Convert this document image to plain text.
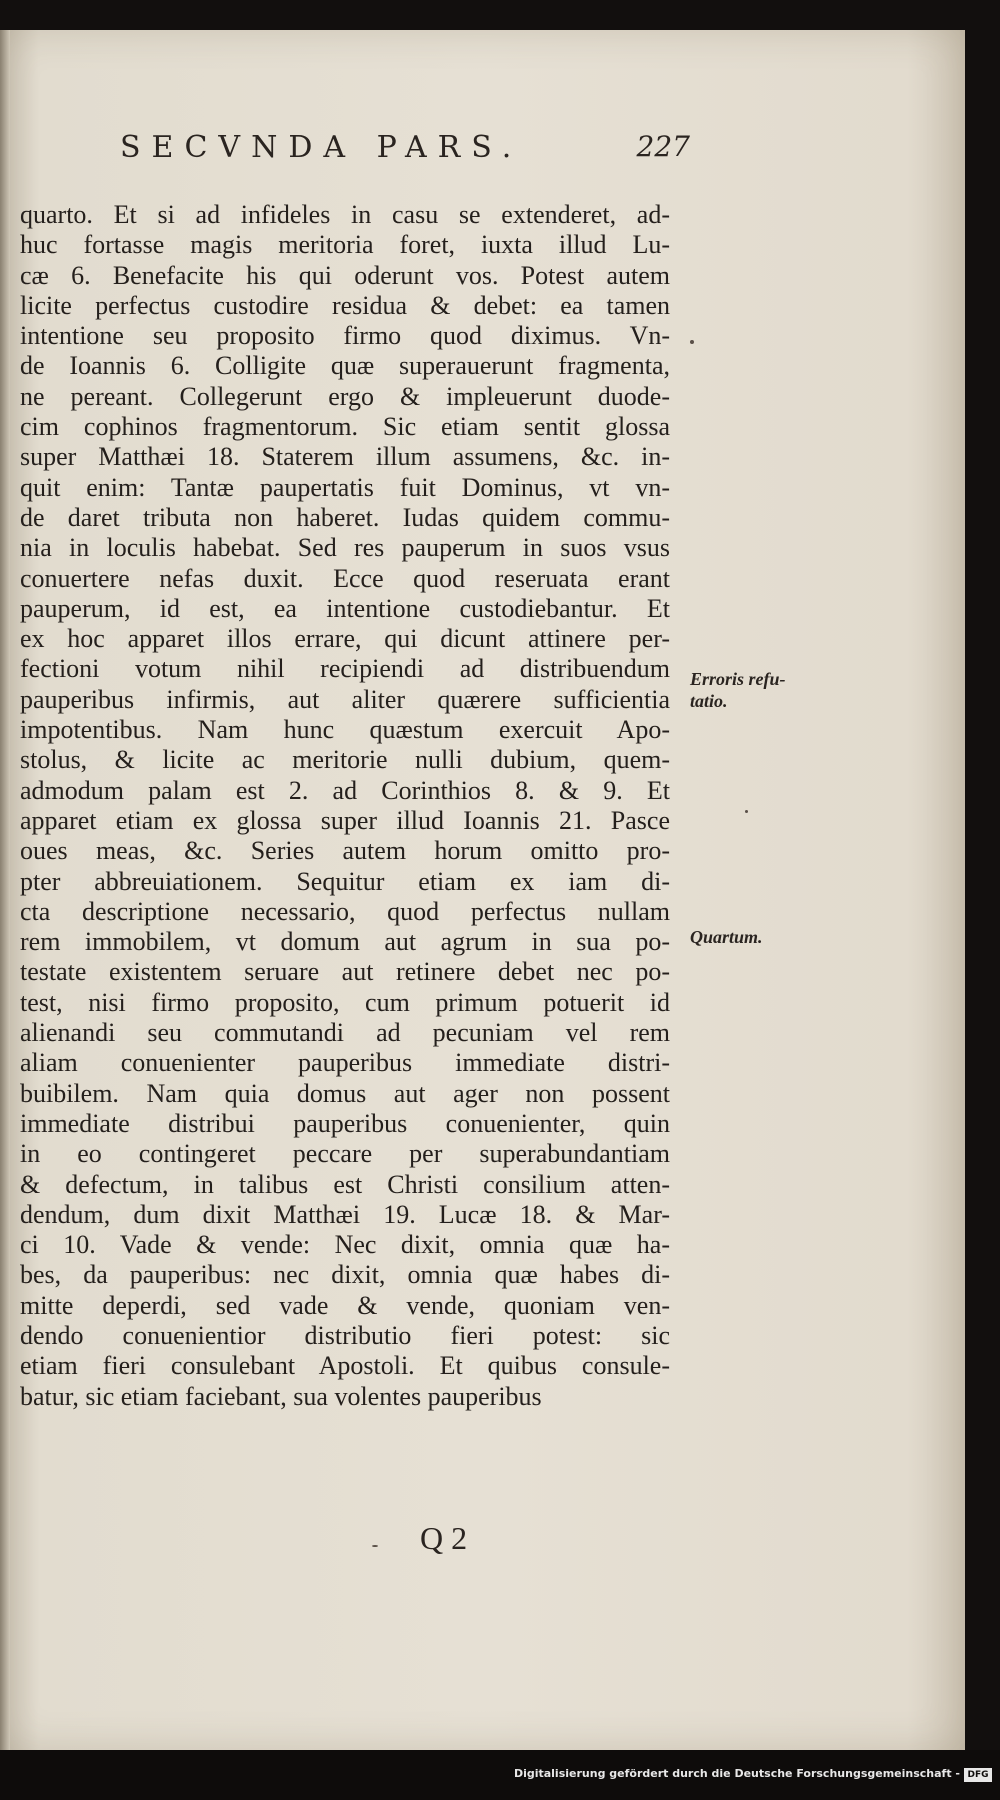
SECVNDA PARS.	227
quarto. Et si ad infideles in casu se extenderet, ad-
huc fortasse magis meritoria foret, iuxta illud Lu-
cæ 6. Benefacite his qui oderunt vos. Potest autem
licite perfectus custodire residua & debet: ea tamen
intentione seu proposito firmo quod diximus. Vn-
de Ioannis 6. Colligite quæ superauerunt fragmenta,
ne pereant. Collegerunt ergo & impleuerunt duode-
cim cophinos fragmentorum. Sic etiam sentit glossa
super Matthæi 18. Staterem illum assumens, &c. in-
quit enim: Tantæ paupertatis fuit Dominus, vt vn-
de daret tributa non haberet. Iudas quidem commu-
nia in loculis habebat. Sed res pauperum in suos vsus
conuertere nefas duxit. Ecce quod reseruata erant
pauperum, id est, ea intentione custodiebantur. Et
ex hoc apparet illos errare, qui dicunt attinere per-
fectioni votum nihil recipiendi ad distribuendum
pauperibus infirmis, aut aliter quærere sufficientia
impotentibus. Nam hunc quæstum exercuit Apo-
stolus, & licite ac meritorie nulli dubium, quem-
admodum palam est 2. ad Corinthios 8. & 9. Et
apparet etiam ex glossa super illud Ioannis 21. Pasce
oues meas, &c. Series autem horum omitto pro-
pter abbreuiationem. Sequitur etiam ex iam di-
cta descriptione necessario, quod perfectus nullam
rem immobilem, vt domum aut agrum in sua po-
testate existentem seruare aut retinere debet nec po-
test, nisi firmo proposito, cum primum potuerit id
alienandi seu commutandi ad pecuniam vel rem
aliam conuenienter pauperibus immediate distri-
buibilem. Nam quia domus aut ager non possent
immediate distribui pauperibus conuenienter, quin
in eo contingeret peccare per superabundantiam
& defectum, in talibus est Christi consilium atten-
dendum, dum dixit Matthæi 19. Lucæ 18. & Mar-
ci 10. Vade & vende: Nec dixit, omnia quæ ha-
bes, da pauperibus: nec dixit, omnia quæ habes di-
mitte deperdi, sed vade & vende, quoniam ven-
dendo conuenientior distributio fieri potest: sic
etiam fieri consulebant Apostoli. Et quibus consule-
batur, sic etiam faciebant, sua volentes pauperibus
Erroris refu-
tatio.
Quartum.
Q 2
Digitalisierung gefördert durch die Deutsche Forschungsgemeinschaft - DFG
